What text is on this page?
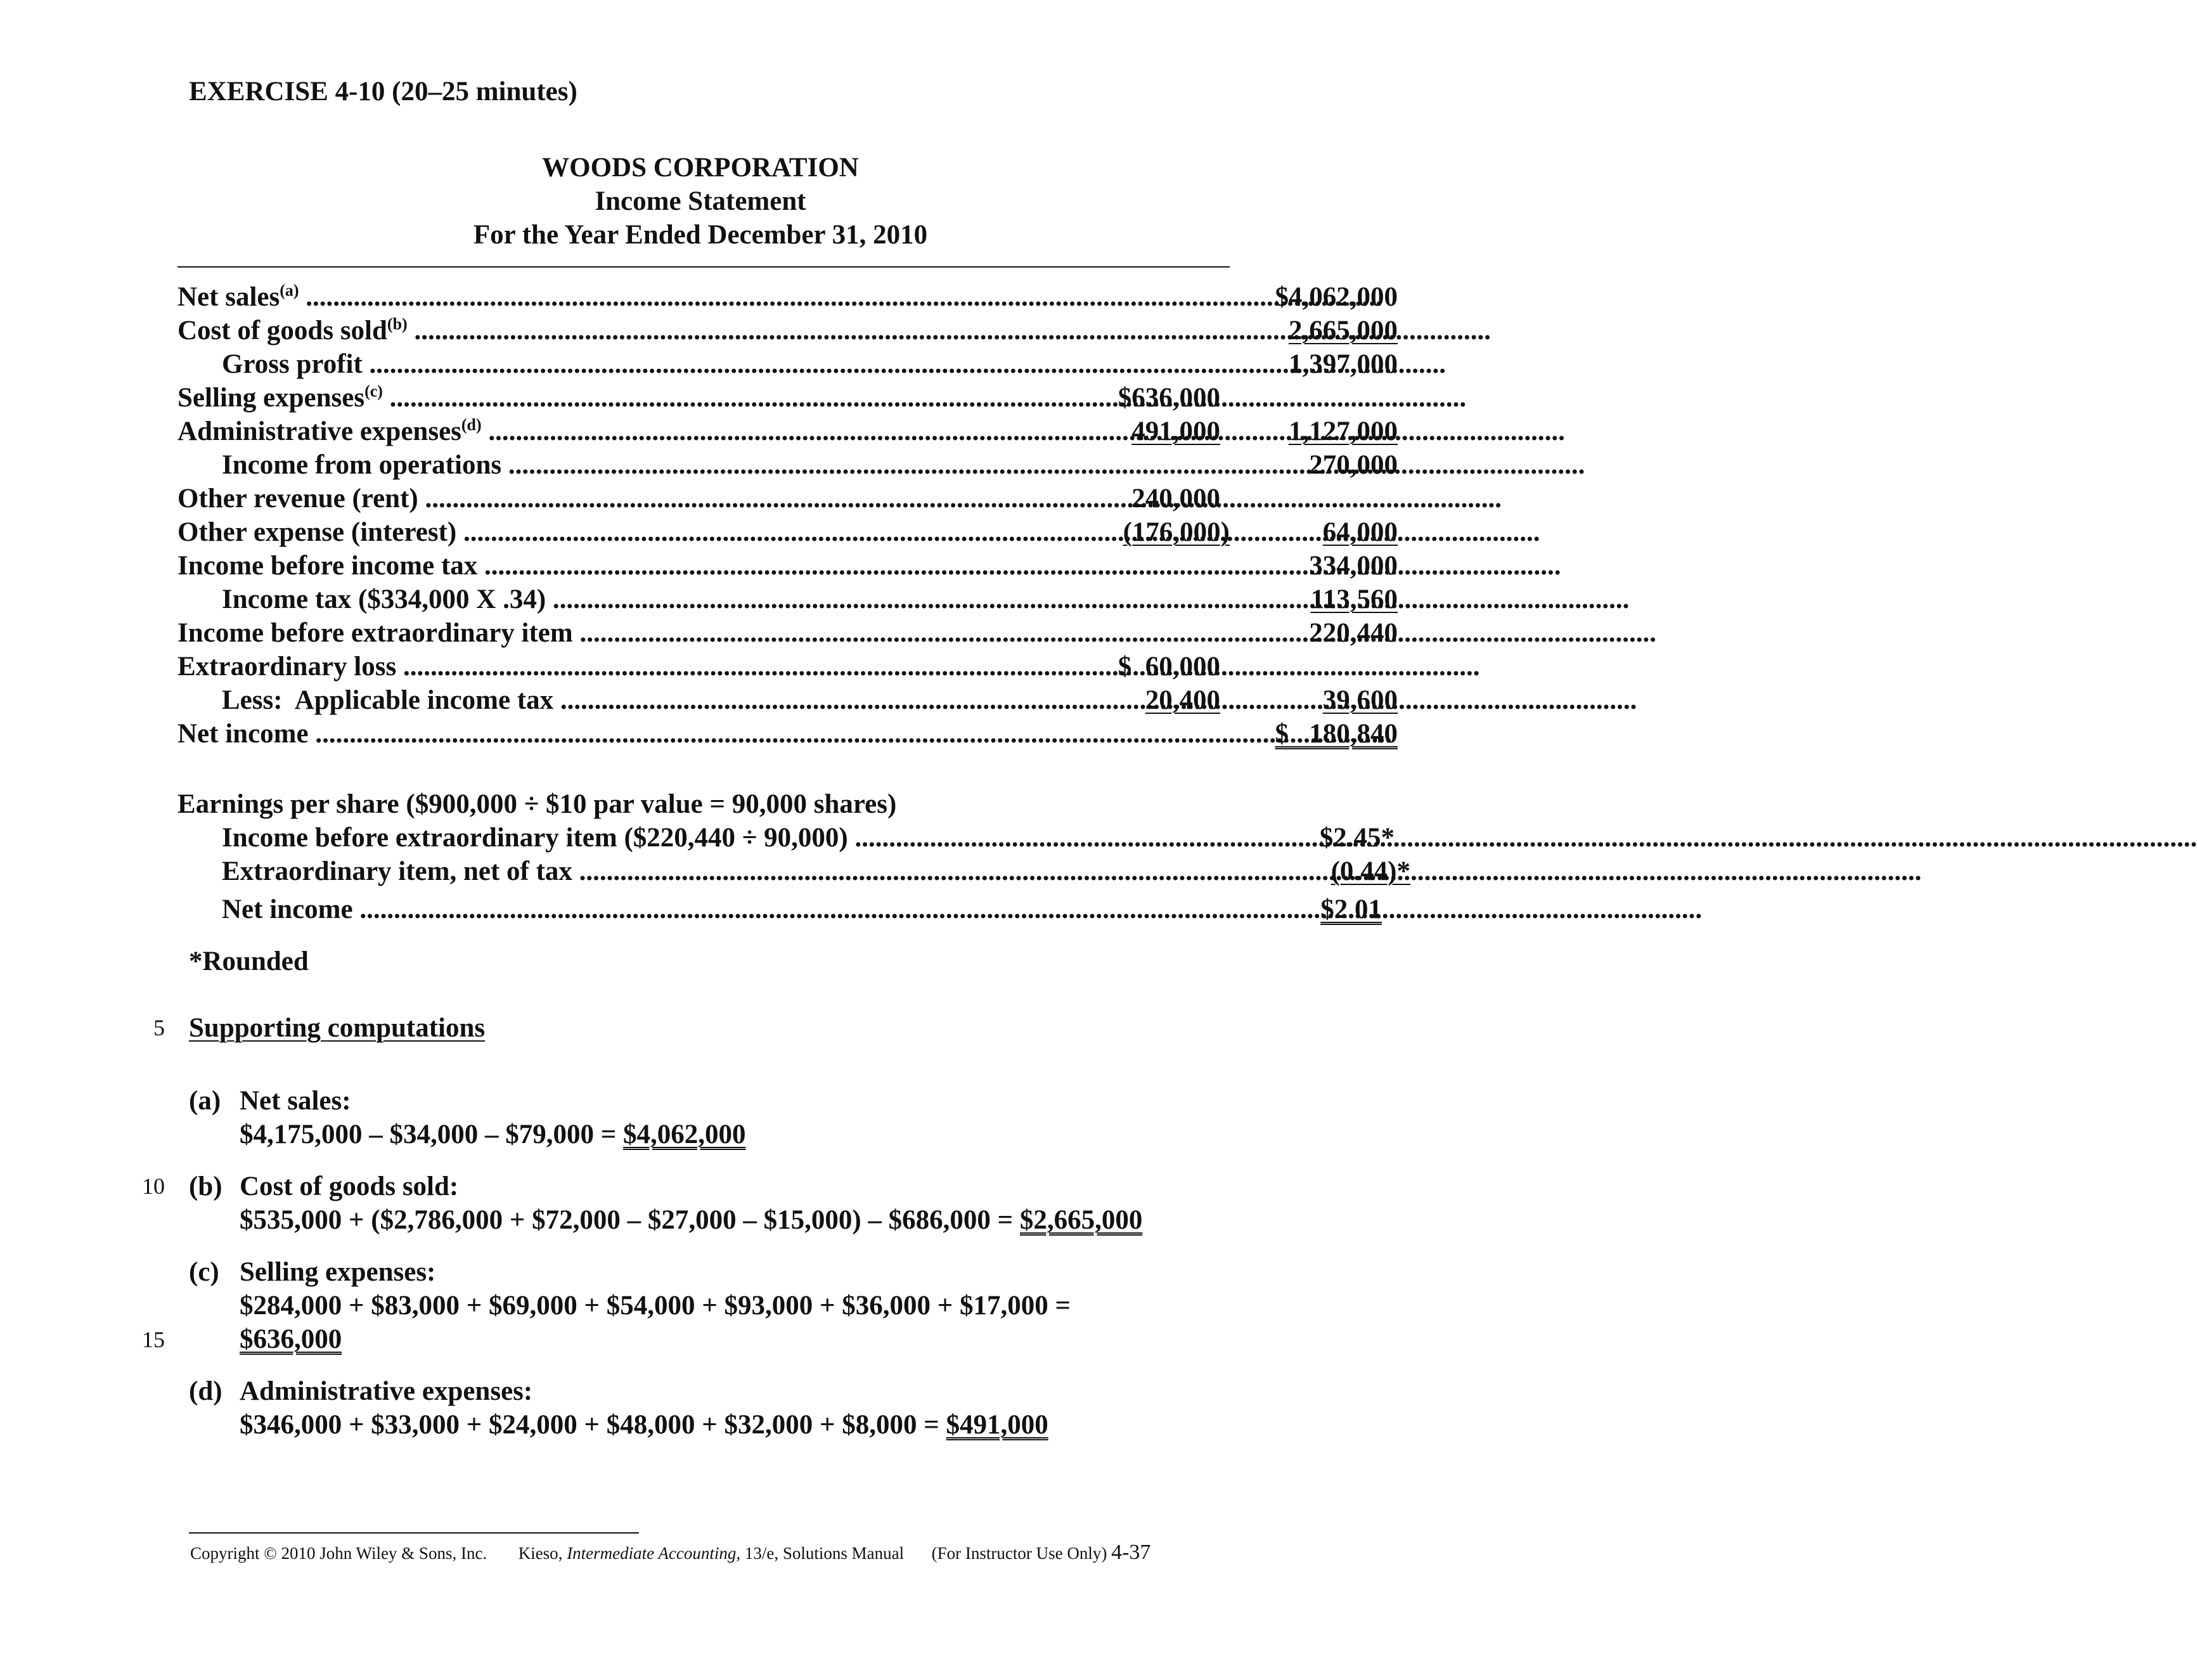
EXERCISE 4-10 (20–25 minutes)
WOODS CORPORATION
Income Statement
For the Year Ended December 31, 2010
Net sales$^{(a)}$ .....	$4,062,000
Cost of goods sold$^{(b)}$ .....	2,665,000
Gross profit .....	1,397,000
Selling expenses$^{(c)}$ .....	$636,000
Administrative expenses$^{(d)}$ .....	491,000	1,127,000
Income from operations .....	270,000
Other revenue (rent) .....	240,000
Other expense (interest) .....	(176,000)	64,000
Income before income tax .....	334,000
Income tax ($334,000 X .34) .....	113,560
Income before extraordinary item .....	220,440
Extraordinary loss .....	$  60,000
Less:  Applicable income tax .....	20,400	39,600
Net income .....	$   180,840
Earnings per share ($900,000 ÷ $10 par value = 90,000 shares)
Income before extraordinary item ($220,440 ÷ 90,000) .....	$2.45*
Extraordinary item, net of tax .....	(0.44)*
Net income .....	$2.01
*Rounded
5
10
15
Supporting computations
(a) Net sales:
$4,175,000 – $34,000 – $79,000 = $4,062,000
(b) Cost of goods sold:
$535,000 + ($2,786,000 + $72,000 – $27,000 – $15,000) – $686,000 = $2,665,000
(c) Selling expenses:
$284,000 + $83,000 + $69,000 + $54,000 + $93,000 + $36,000 + $17,000 =
$636,000
(d) Administrative expenses:
$346,000 + $33,000 + $24,000 + $48,000 + $32,000 + $8,000 = $491,000
Copyright © 2010 John Wiley & Sons, Inc. Kieso, Intermediate Accounting, 13/e, Solutions Manual (For Instructor Use Only) 4-37
